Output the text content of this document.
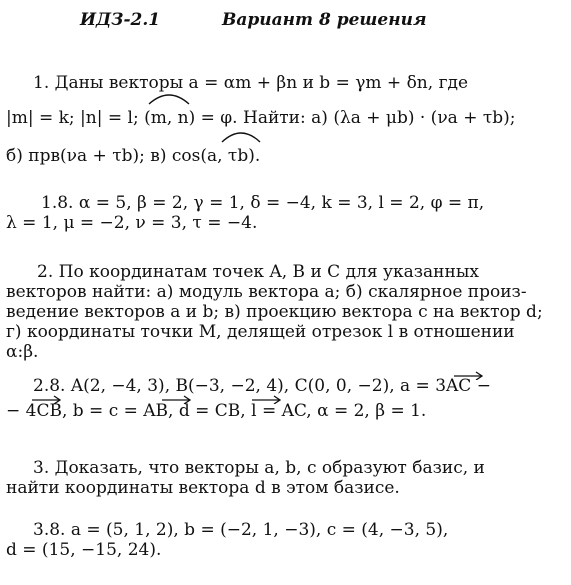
ИДЗ-2.1	Вариант 8 решения
1. Даны векторы a = αm + βn и b = γm + δn, где
|m| = k; |n| = l; (m, n) = φ. Найти: а) (λa + μb) · (νa + τb);
б) прв(νa + τb); в) cos(a, τb).
1.8. α = 5, β = 2, γ = 1, δ = −4, k = 3, l = 2, φ = π,
λ = 1, μ = −2, ν = 3, τ = −4.
2. По координатам точек A, B и C для указанных
векторов найти: а) модуль вектора a; б) скалярное произ-
ведение векторов a и b; в) проекцию вектора c на вектор d;
г) координаты точки M, делящей отрезок l в отношении
α:β.
2.8. A(2, −4, 3), B(−3, −2, 4), C(0, 0, −2), a = 3AC −
− 4CB, b = c = AB, d = CB, l = AC, α = 2, β = 1.
3. Доказать, что векторы a, b, c образуют базис, и
найти координаты вектора d в этом базисе.
3.8. a = (5, 1, 2), b = (−2, 1, −3), c = (4, −3, 5),
d = (15, −15, 24).
